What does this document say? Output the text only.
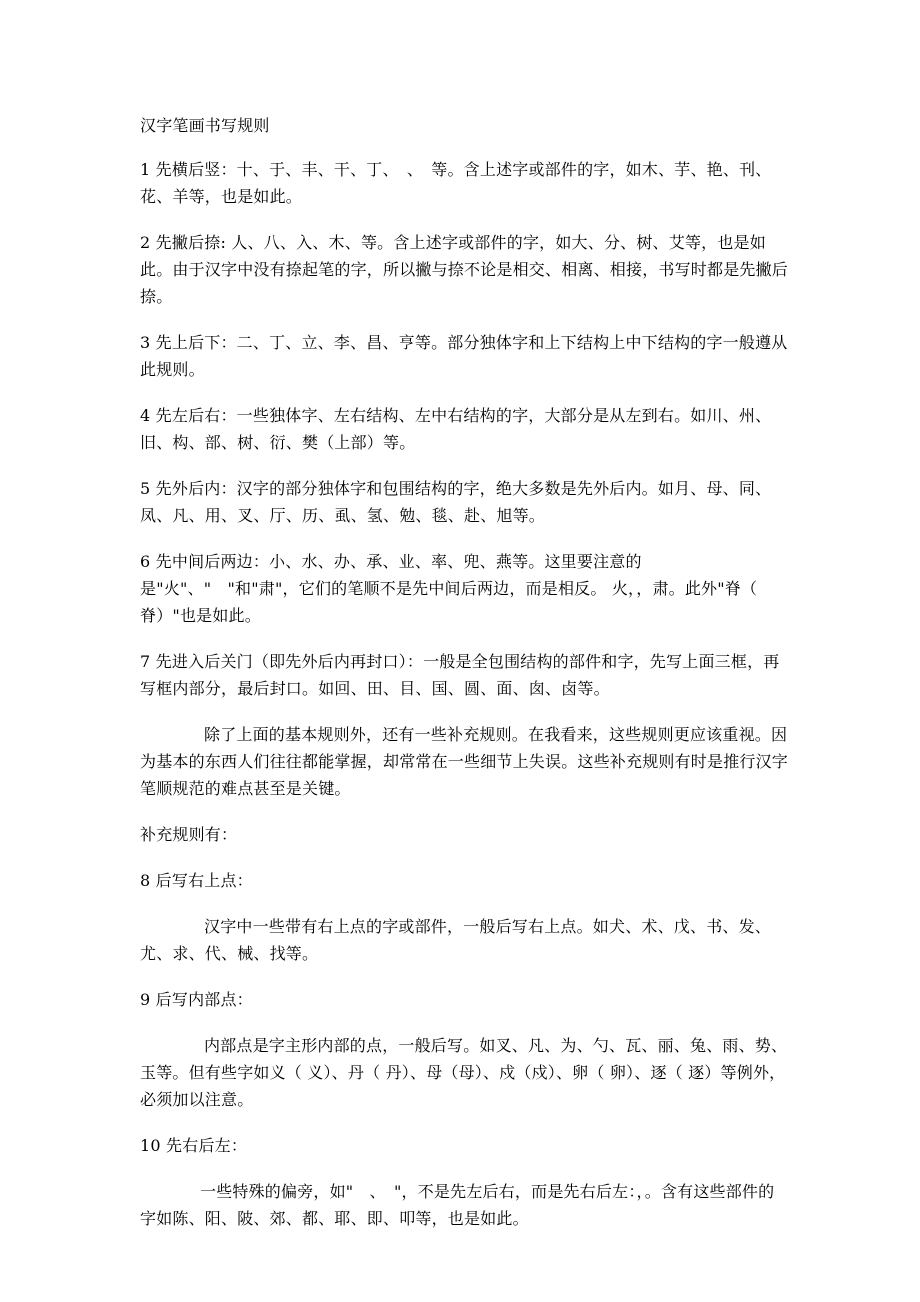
汉字笔画书写规则

1 先横后竖：十、于、丰、干、丁、　、　等。含上述字或部件的字，如木、芋、艳、刊、花、羊等，也是如此。

2 先撇后捺: 人、八、入、木、等。含上述字或部件的字，如大、分、树、艾等，也是如此。由于汉字中没有捺起笔的字，所以撇与捺不论是相交、相离、相接，书写时都是先撇后捺。

3 先上后下：二、丁、立、李、昌、亨等。部分独体字和上下结构上中下结构的字一般遵从此规则。

4 先左后右：一些独体字、左右结构、左中右结构的字，大部分是从左到右。如川、州、旧、构、部、树、衍、樊（上部）等。

5 先外后内：汉字的部分独体字和包围结构的字，绝大多数是先外后内。如月、母、同、凤、凡、用、叉、厅、历、虱、氢、勉、毯、赴、旭等。

6 先中间后两边：小、水、办、承、业、率、兜、燕等。这里要注意的是"火"、"　"和"肃"，它们的笔顺不是先中间后两边，而是相反。 火，，肃。此外"脊（　脊）"也是如此。

7 先进入后关门（即先外后内再封口）：一般是全包围结构的部件和字，先写上面三框，再写框内部分，最后封口。如回、田、目、国、圆、面、囱、卤等。

除了上面的基本规则外，还有一些补充规则。在我看来，这些规则更应该重视。因为基本的东西人们往往都能掌握，却常常在一些细节上失误。这些补充规则有时是推行汉字笔顺规范的难点甚至是关键。

补充规则有：

8 后写右上点：

汉字中一些带有右上点的字或部件，一般后写右上点。如犬、术、戊、书、发、尤、求、代、械、找等。

9 后写内部点：

内部点是字主形内部的点，一般后写。如叉、凡、为、勺、瓦、丽、兔、雨、势、玉等。但有些字如义（ 义）、丹（ 丹）、母（母）、戍（戍）、卵（ 卵）、逐（ 逐）等例外，必须加以注意。

10 先右后左：

一些特殊的偏旁，如"　、　"，不是先左后右，而是先右后左：，。含有这些部件的字如陈、阳、陂、郊、都、耶、即、叩等，也是如此。
